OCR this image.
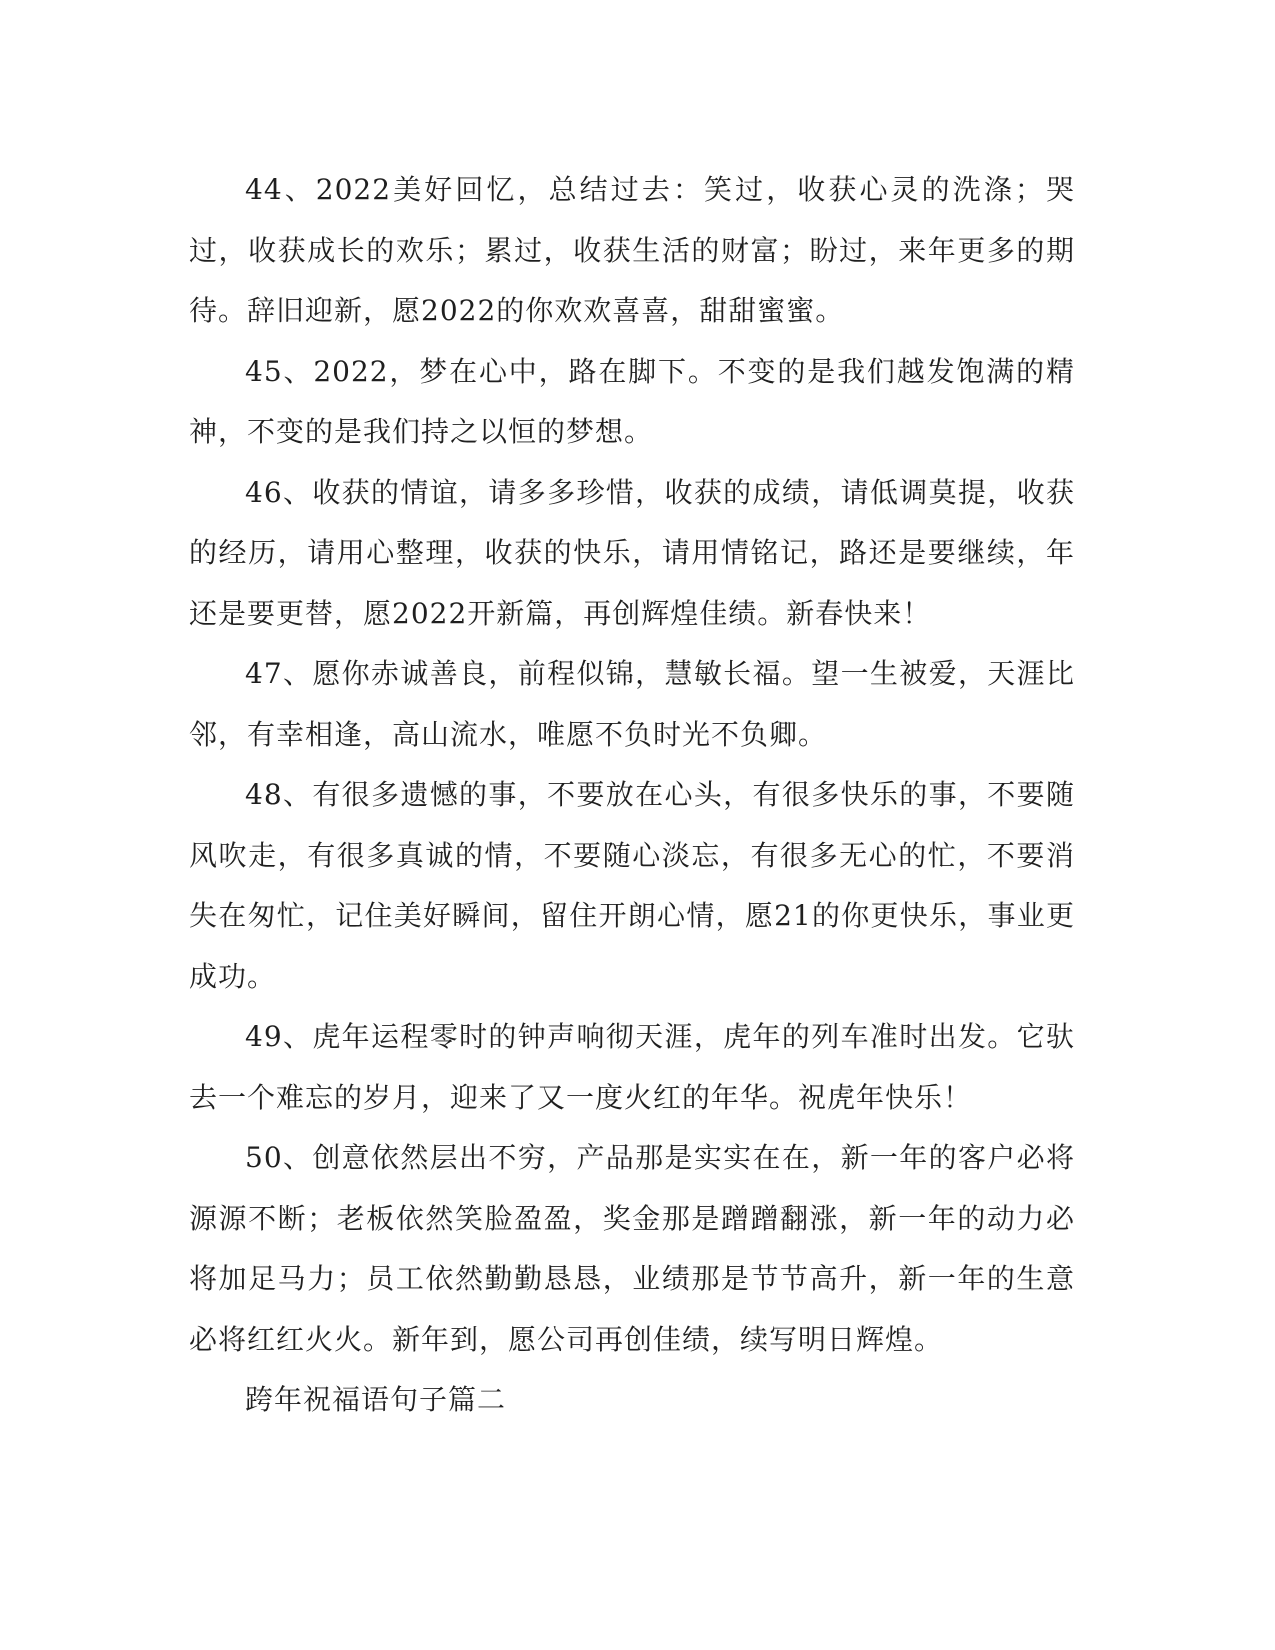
44、2022美好回忆，总结过去：笑过，收获心灵的洗涤；哭过，收获成长的欢乐；累过，收获生活的财富；盼过，来年更多的期待。辞旧迎新，愿2022的你欢欢喜喜，甜甜蜜蜜。

45、2022，梦在心中，路在脚下。不变的是我们越发饱满的精神，不变的是我们持之以恒的梦想。

46、收获的情谊，请多多珍惜，收获的成绩，请低调莫提，收获的经历，请用心整理，收获的快乐，请用情铭记，路还是要继续，年还是要更替，愿2022开新篇，再创辉煌佳绩。新春快来！

47、愿你赤诚善良，前程似锦，慧敏长福。望一生被爱，天涯比邻，有幸相逢，高山流水，唯愿不负时光不负卿。

48、有很多遗憾的事，不要放在心头，有很多快乐的事，不要随风吹走，有很多真诚的情，不要随心淡忘，有很多无心的忙，不要消失在匆忙，记住美好瞬间，留住开朗心情，愿21的你更快乐，事业更成功。

49、虎年运程零时的钟声响彻天涯，虎年的列车准时出发。它驮去一个难忘的岁月，迎来了又一度火红的年华。祝虎年快乐！

50、创意依然层出不穷，产品那是实实在在，新一年的客户必将源源不断；老板依然笑脸盈盈，奖金那是蹭蹭翻涨，新一年的动力必将加足马力；员工依然勤勤恳恳，业绩那是节节高升，新一年的生意必将红红火火。新年到，愿公司再创佳绩，续写明日辉煌。

跨年祝福语句子篇二
